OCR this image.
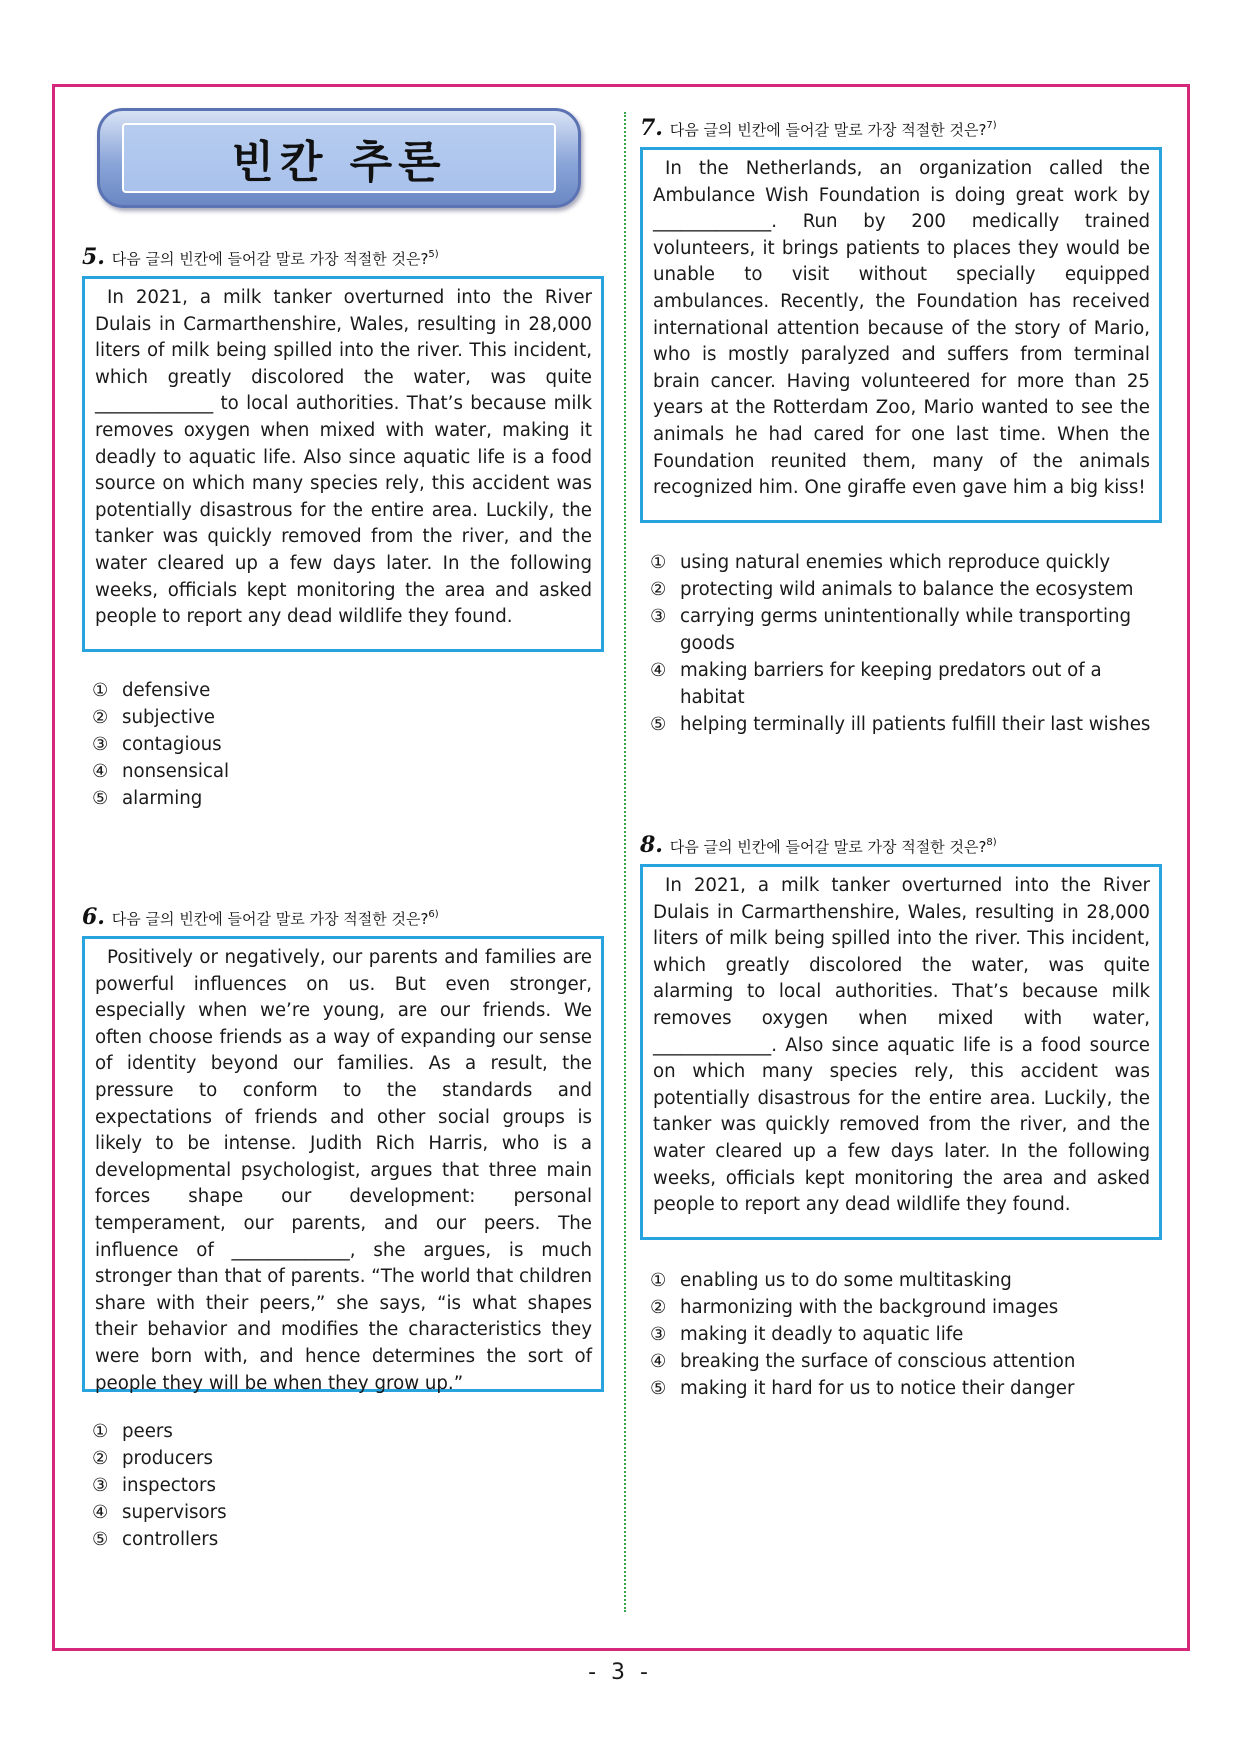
빈칸 추론
5. 다음 글의 빈칸에 들어갈 말로 가장 적절한 것은?$^{5)}$
In 2021, a milk tanker overturned into the River Dulais in Carmarthenshire, Wales, resulting in 28,000 liters of milk being spilled into the river. This incident, which greatly discolored the water, was quite _____________ to local authorities. That’s because milk removes oxygen when mixed with water, making it deadly to aquatic life. Also since aquatic life is a food source on which many species rely, this accident was potentially disastrous for the entire area. Luckily, the tanker was quickly removed from the river, and the water cleared up a few days later. In the following weeks, officials kept monitoring the area and asked people to report any dead wildlife they found.
① defensive
② subjective
③ contagious
④ nonsensical
⑤ alarming
6. 다음 글의 빈칸에 들어갈 말로 가장 적절한 것은?$^{6)}$
Positively or negatively, our parents and families are powerful influences on us. But even stronger, especially when we’re young, are our friends. We often choose friends as a way of expanding our sense of identity beyond our families. As a result, the pressure to conform to the standards and expectations of friends and other social groups is likely to be intense. Judith Rich Harris, who is a developmental psychologist, argues that three main forces shape our development: personal temperament, our parents, and our peers. The influence of _____________, she argues, is much stronger than that of parents. “The world that children share with their peers,” she says, “is what shapes their behavior and modifies the characteristics they were born with, and hence determines the sort of people they will be when they grow up.”
① peers
② producers
③ inspectors
④ supervisors
⑤ controllers
7. 다음 글의 빈칸에 들어갈 말로 가장 적절한 것은?$^{7)}$
In the Netherlands, an organization called the Ambulance Wish Foundation is doing great work by _____________. Run by 200 medically trained volunteers, it brings patients to places they would be unable to visit without specially equipped ambulances. Recently, the Foundation has received international attention because of the story of Mario, who is mostly paralyzed and suffers from terminal brain cancer. Having volunteered for more than 25 years at the Rotterdam Zoo, Mario wanted to see the animals he had cared for one last time. When the Foundation reunited them, many of the animals recognized him. One giraffe even gave him a big kiss!
① using natural enemies which reproduce quickly
② protecting wild animals to balance the ecosystem
③ carrying germs unintentionally while transporting goods
④ making barriers for keeping predators out of a habitat
⑤ helping terminally ill patients fulfill their last wishes
8. 다음 글의 빈칸에 들어갈 말로 가장 적절한 것은?$^{8)}$
In 2021, a milk tanker overturned into the River Dulais in Carmarthenshire, Wales, resulting in 28,000 liters of milk being spilled into the river. This incident, which greatly discolored the water, was quite alarming to local authorities. That’s because milk removes oxygen when mixed with water, _____________. Also since aquatic life is a food source on which many species rely, this accident was potentially disastrous for the entire area. Luckily, the tanker was quickly removed from the river, and the water cleared up a few days later. In the following weeks, officials kept monitoring the area and asked people to report any dead wildlife they found.
① enabling us to do some multitasking
② harmonizing with the background images
③ making it deadly to aquatic life
④ breaking the surface of conscious attention
⑤ making it hard for us to notice their danger
- 3 -
